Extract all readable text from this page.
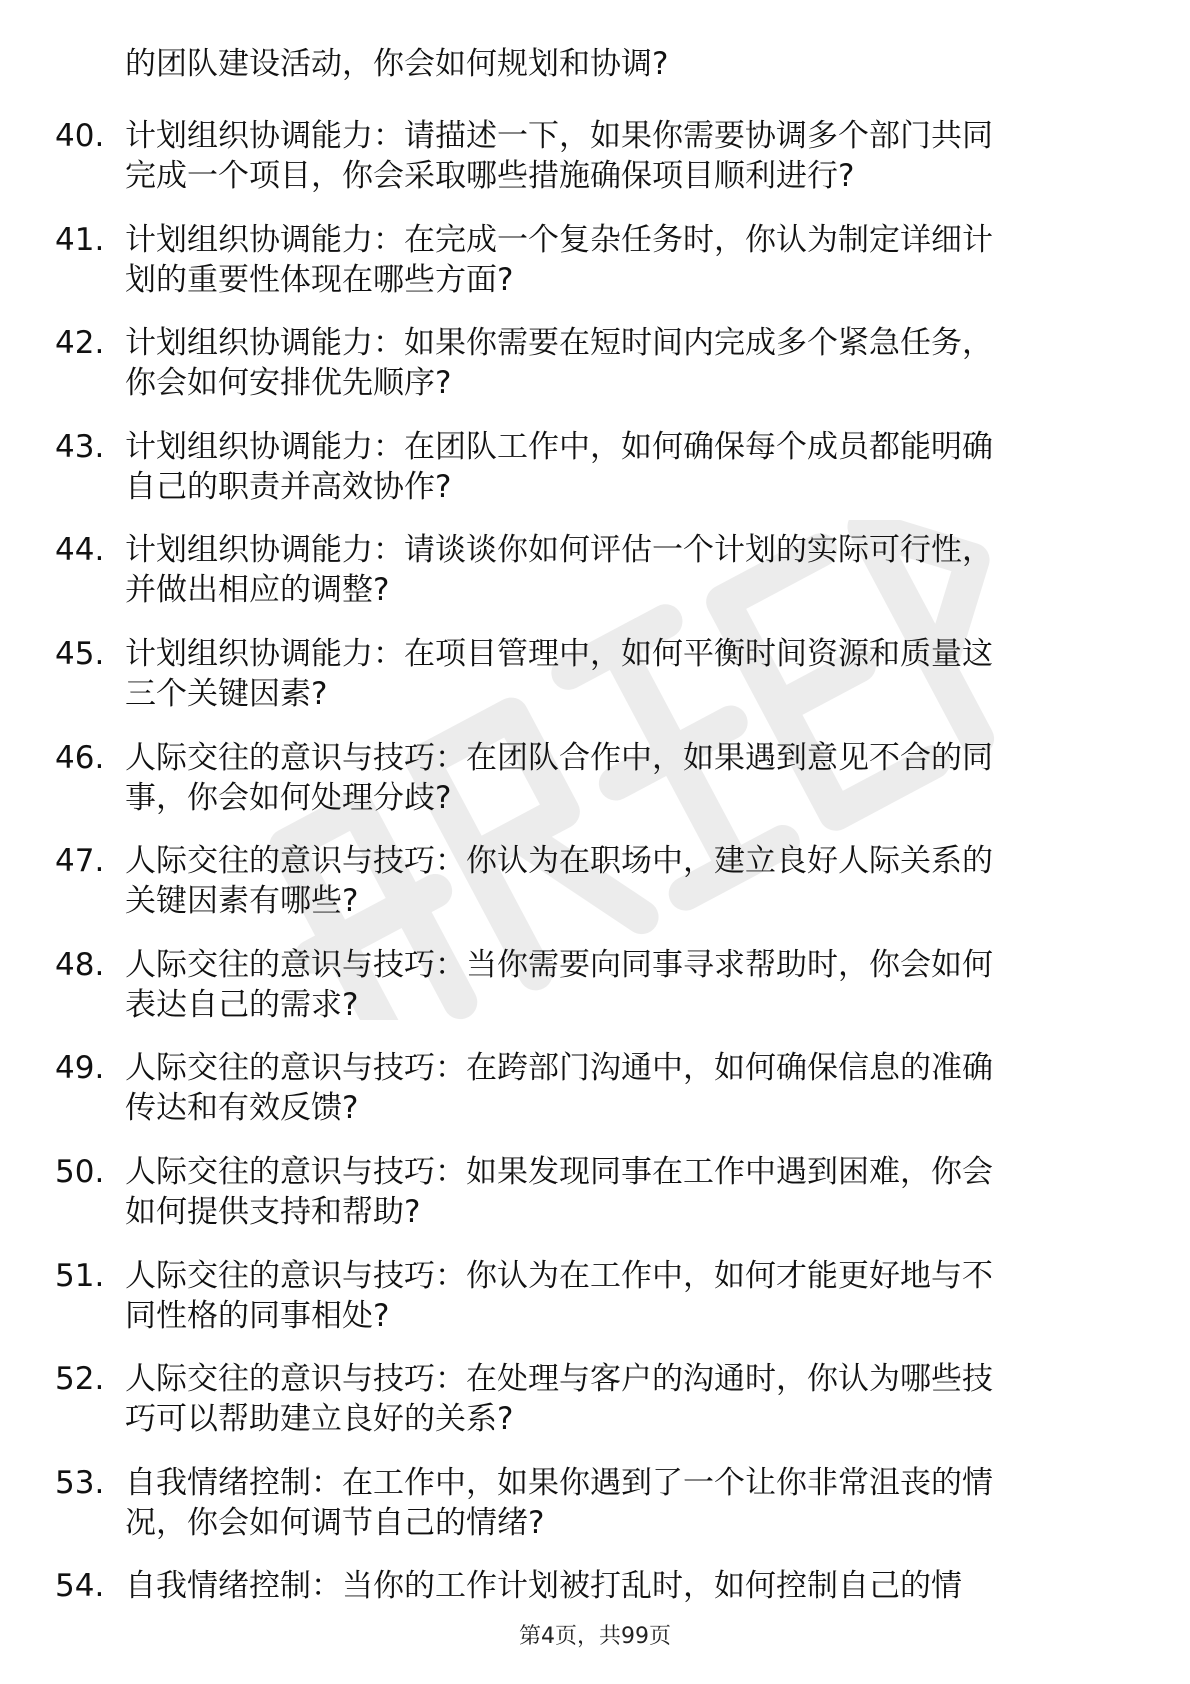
的团队建设活动，你会如何规划和协调?
40. 计划组织协调能力：请描述一下，如果你需要协调多个部门共同
完成一个项目，你会采取哪些措施确保项目顺利进行?
41. 计划组织协调能力：在完成一个复杂任务时，你认为制定详细计
划的重要性体现在哪些方面?
42. 计划组织协调能力：如果你需要在短时间内完成多个紧急任务，
你会如何安排优先顺序?
43. 计划组织协调能力：在团队工作中，如何确保每个成员都能明确
自己的职责并高效协作?
44. 计划组织协调能力：请谈谈你如何评估一个计划的实际可行性，
并做出相应的调整?
45. 计划组织协调能力：在项目管理中，如何平衡时间资源和质量这
三个关键因素?
46. 人际交往的意识与技巧：在团队合作中，如果遇到意见不合的同
事，你会如何处理分歧?
47. 人际交往的意识与技巧：你认为在职场中，建立良好人际关系的
关键因素有哪些?
48. 人际交往的意识与技巧：当你需要向同事寻求帮助时，你会如何
表达自己的需求?
49. 人际交往的意识与技巧：在跨部门沟通中，如何确保信息的准确
传达和有效反馈?
50. 人际交往的意识与技巧：如果发现同事在工作中遇到困难，你会
如何提供支持和帮助?
51. 人际交往的意识与技巧：你认为在工作中，如何才能更好地与不
同性格的同事相处?
52. 人际交往的意识与技巧：在处理与客户的沟通时，你认为哪些技
巧可以帮助建立良好的关系?
53. 自我情绪控制：在工作中，如果你遇到了一个让你非常沮丧的情
况，你会如何调节自己的情绪?
54. 自我情绪控制：当你的工作计划被打乱时，如何控制自己的情
第4页，共99页
